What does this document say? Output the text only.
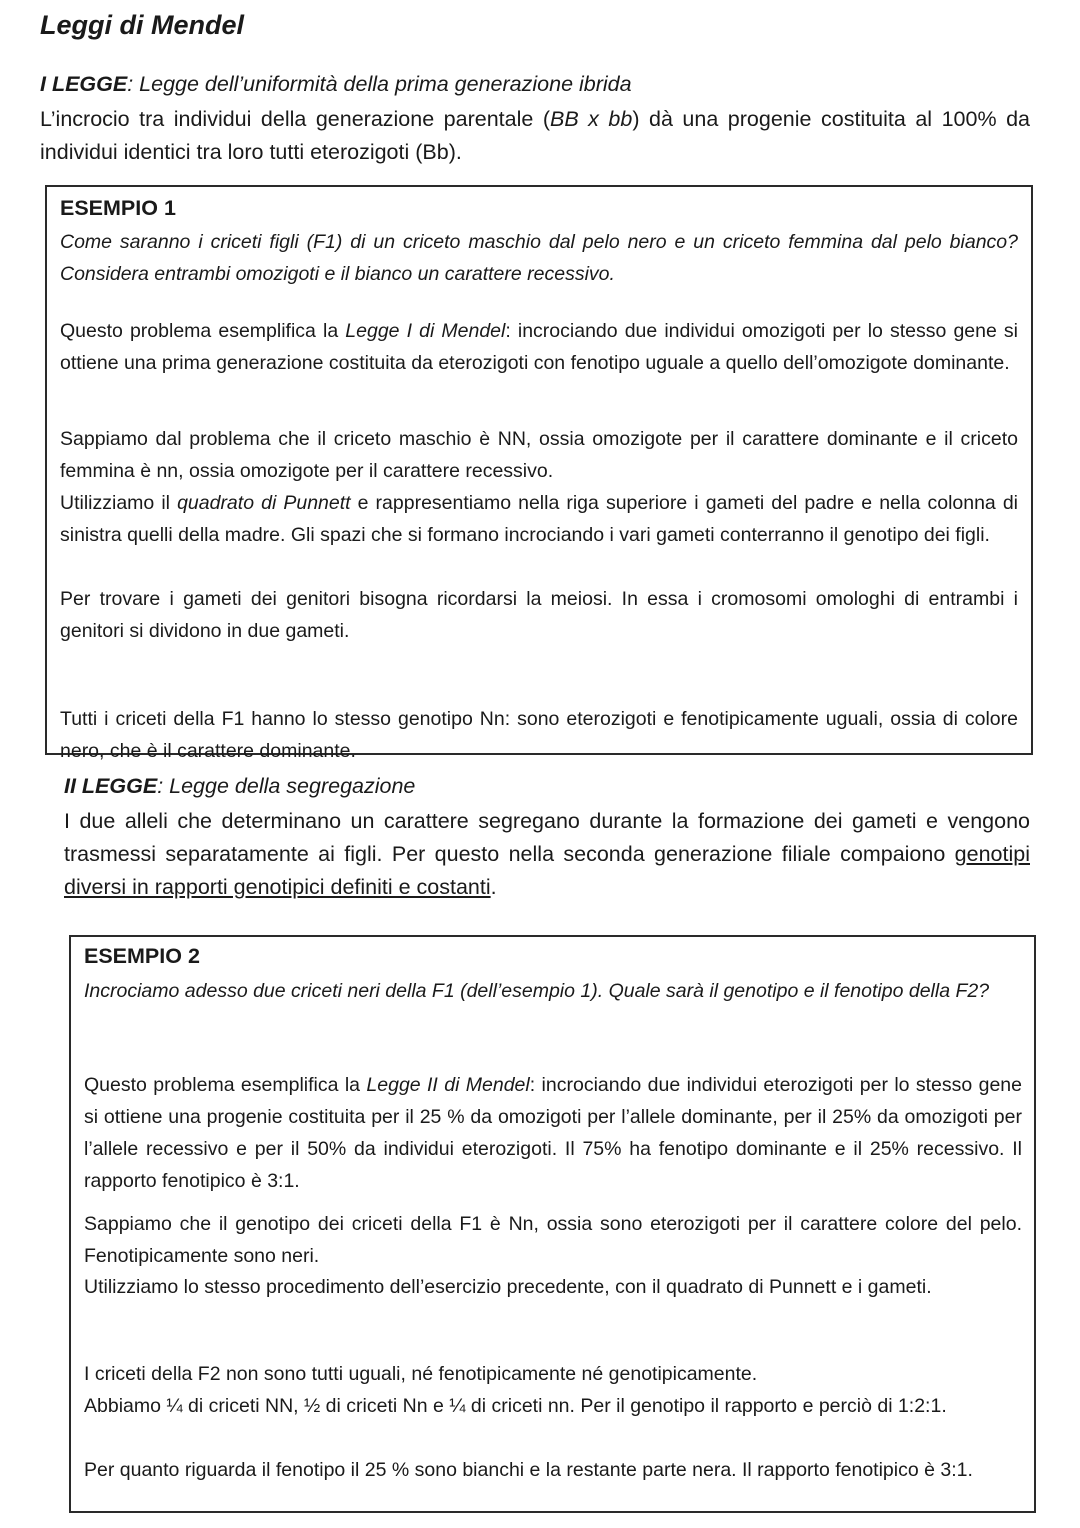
Leggi di Mendel
I LEGGE: Legge dell’uniformità della prima generazione ibrida
L’incrocio tra individui della generazione parentale (BB x bb) dà una progenie costituita al 100% da individui identici tra loro tutti eterozigoti (Bb).
ESEMPIO 1
Come saranno i criceti figli (F1) di un criceto maschio dal pelo nero e un criceto femmina dal pelo bianco? Considera entrambi omozigoti e il bianco un carattere recessivo.
Questo problema esemplifica la Legge I di Mendel: incrociando due individui omozigoti per lo stesso gene si ottiene una prima generazione costituita da eterozigoti con fenotipo uguale a quello dell’omozigote dominante.
Sappiamo dal problema che il criceto maschio è NN, ossia omozigote per il carattere dominante e il criceto femmina è nn, ossia omozigote per il carattere recessivo.
Utilizziamo il quadrato di Punnett e rappresentiamo nella riga superiore i gameti del padre e nella colonna di sinistra quelli della madre. Gli spazi che si formano incrociando i vari gameti conterranno il genotipo dei figli.
Per trovare i gameti dei genitori bisogna ricordarsi la meiosi. In essa i cromosomi omologhi di entrambi i genitori si dividono in due gameti.
Tutti i criceti della F1 hanno lo stesso genotipo Nn: sono eterozigoti e fenotipicamente uguali, ossia di colore nero, che è il carattere dominante.
II LEGGE: Legge della segregazione
I due alleli che determinano un carattere segregano durante la formazione dei gameti e vengono trasmessi separatamente ai figli. Per questo nella seconda generazione filiale compaiono genotipi diversi in rapporti genotipici definiti e costanti.
ESEMPIO 2
Incrociamo adesso due criceti neri della F1 (dell’esempio 1). Quale sarà il genotipo e il fenotipo della F2?
Questo problema esemplifica la Legge II di Mendel: incrociando due individui eterozigoti per lo stesso gene si ottiene una progenie costituita per il 25 % da omozigoti per l’allele dominante, per il 25% da omozigoti per l’allele recessivo e per il 50% da individui eterozigoti. Il 75% ha fenotipo dominante e il 25% recessivo. Il rapporto fenotipico è 3:1.
Sappiamo che il genotipo dei criceti della F1 è Nn, ossia sono eterozigoti per il carattere colore del pelo. Fenotipicamente sono neri.
Utilizziamo lo stesso procedimento dell’esercizio precedente, con il quadrato di Punnett e i gameti.
I criceti della F2 non sono tutti uguali, né fenotipicamente né genotipicamente.
Abbiamo ¼ di criceti NN, ½ di criceti Nn e ¼ di criceti nn. Per il genotipo il rapporto e perciò di 1:2:1.
Per quanto riguarda il fenotipo il 25 % sono bianchi e la restante parte nera. Il rapporto fenotipico è 3:1.
